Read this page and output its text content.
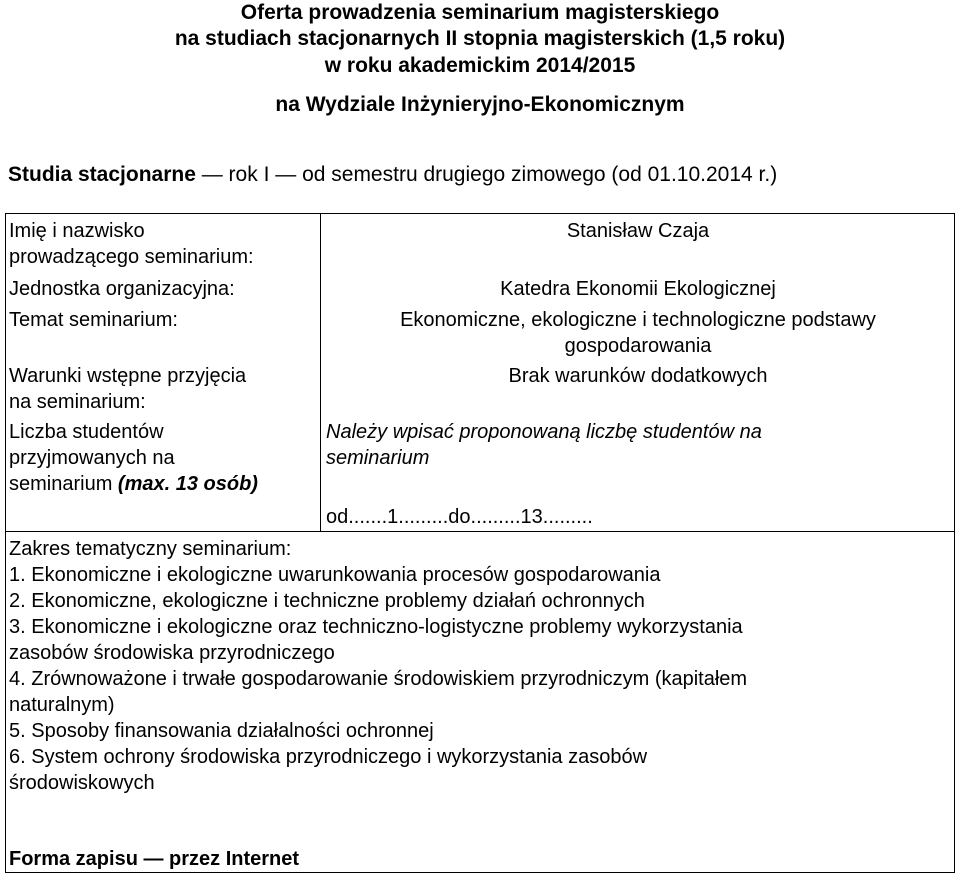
Oferta prowadzenia seminarium magisterskiego
na studiach stacjonarnych II stopnia magisterskich (1,5 roku)
w roku akademickim 2014/2015
na Wydziale Inżynieryjno-Ekonomicznym
Studia stacjonarne — rok I — od semestru drugiego zimowego (od 01.10.2014 r.)
Imię i nazwisko
prowadzącego seminarium:
Stanisław Czaja
Jednostka organizacyjna:	Katedra Ekonomii Ekologicznej
Temat seminarium:	Ekonomiczne, ekologiczne i technologiczne podstawy
gospodarowania
Warunki wstępne przyjęcia
na seminarium:
Brak warunków dodatkowych
Liczba studentów
przyjmowanych na
seminarium (max. 13 osób)
Należy wpisać proponowaną liczbę studentów na
seminarium
od.......1.........do.........13.........
Zakres tematyczny seminarium:
1. Ekonomiczne i ekologiczne uwarunkowania procesów gospodarowania
2. Ekonomiczne, ekologiczne i techniczne problemy działań ochronnych
3. Ekonomiczne i ekologiczne oraz techniczno-logistyczne problemy wykorzystania
zasobów środowiska przyrodniczego
4. Zrównoważone i trwałe gospodarowanie środowiskiem przyrodniczym (kapitałem
naturalnym)
5. Sposoby finansowania działalności ochronnej
6. System ochrony środowiska przyrodniczego i wykorzystania zasobów
środowiskowych
Forma zapisu — przez Internet
